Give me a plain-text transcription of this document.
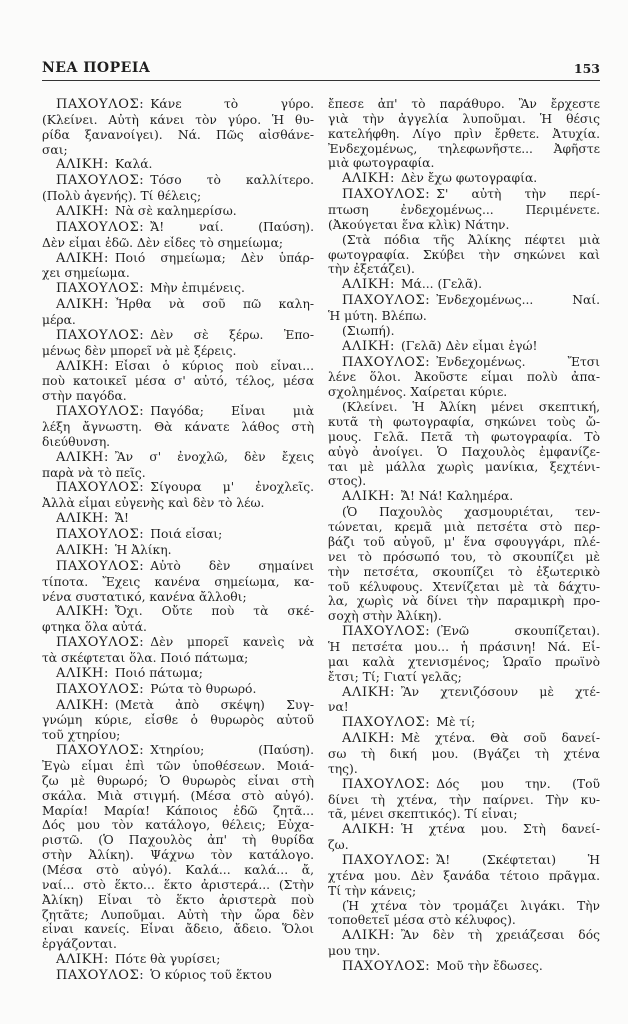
ΝΕΑ ΠΟΡΕΙΑ	153
ΠΑΧΟΥΛΟΣ: Κάνε τὸ γύρο.
(Κλείνει. Αὐτὴ κάνει τὸν γύρο. Ἡ θυ-
ρίδα ξανανοίγει). Νά. Πῶς αἰσθάνε-
σαι;
ΑΛΙΚΗ: Καλά.
ΠΑΧΟΥΛΟΣ: Τόσο τὸ καλλίτερο.
(Πολὺ ἀγενής). Τί θέλεις;
ΑΛΙΚΗ: Νὰ σὲ καλημερίσω.
ΠΑΧΟΥΛΟΣ: Ἄ! ναί. (Παύση).
Δὲν εἶμαι ἐδῶ. Δὲν εἶδες τὸ σημείωμα;
ΑΛΙΚΗ: Ποιό σημείωμα; Δὲν ὑπάρ-
χει σημείωμα.
ΠΑΧΟΥΛΟΣ: Μὴν ἐπιμένεις.
ΑΛΙΚΗ: Ἦρθα νὰ σοῦ πῶ καλη-
μέρα.
ΠΑΧΟΥΛΟΣ: Δὲν σὲ ξέρω. Ἐπο-
μένως δὲν μπορεῖ νὰ μὲ ξέρεις.
ΑΛΙΚΗ: Εἶσαι ὁ κύριος ποὺ εἶναι...
ποὺ κατοικεῖ μέσα σ' αὐτό, τέλος, μέσα
στὴν παγόδα.
ΠΑΧΟΥΛΟΣ: Παγόδα; Εἶναι μιὰ
λέξη ἄγνωστη. Θὰ κάνατε λάθος στὴ
διεύθυνση.
ΑΛΙΚΗ: Ἂν σ' ἐνοχλῶ, δὲν ἔχεις
παρὰ νὰ τὸ πεῖς.
ΠΑΧΟΥΛΟΣ: Σίγουρα μ' ἐνοχλεῖς.
Ἀλλὰ εἶμαι εὐγενὴς καὶ δὲν τὸ λέω.
ΑΛΙΚΗ: Ἄ!
ΠΑΧΟΥΛΟΣ: Ποιά εἶσαι;
ΑΛΙΚΗ: Ἡ Ἀλίκη.
ΠΑΧΟΥΛΟΣ: Αὐτὸ δὲν σημαίνει
τίποτα. Ἔχεις κανένα σημείωμα, κα-
νένα συστατικό, κανένα ἄλλοθι;
ΑΛΙΚΗ: Ὄχι. Οὔτε ποὺ τὰ σκέ-
φτηκα ὅλα αὐτά.
ΠΑΧΟΥΛΟΣ: Δὲν μπορεῖ κανεὶς νὰ
τὰ σκέφτεται ὅλα. Ποιό πάτωμα;
ΑΛΙΚΗ: Ποιό πάτωμα;
ΠΑΧΟΥΛΟΣ: Ρώτα τὸ θυρωρό.
ΑΛΙΚΗ: (Μετὰ ἀπὸ σκέψη) Συγ-
γνώμη κύριε, εἶσθε ὁ θυρωρὸς αὐτοῦ
τοῦ χτηρίου;
ΠΑΧΟΥΛΟΣ: Χτηρίου; (Παύση).
Ἐγὼ εἶμαι ἐπὶ τῶν ὑποθέσεων. Μοιά-
ζω μὲ θυρωρό; Ὁ θυρωρὸς εἶναι στὴ
σκάλα. Μιὰ στιγμή. (Μέσα στὸ αὐγό).
Μαρία! Μαρία! Κάποιος ἐδῶ ζητᾶ...
Δός μου τὸν κατάλογο, θέλεις; Εὐχα-
ριστῶ. (Ὁ Παχουλὸς ἀπ' τὴ θυρίδα
στὴν Ἀλίκη). Ψάχνω τὸν κατάλογο.
(Μέσα στὸ αὐγό). Καλά... καλά... ἄ,
ναί... στὸ ἕκτο... ἕκτο ἀριστερά... (Στὴν
Ἀλίκη) Εἶναι τὸ ἕκτο ἀριστερὰ ποὺ
ζητᾶτε; Λυποῦμαι. Αὐτὴ τὴν ὥρα δὲν
εἶναι κανείς. Εἶναι ἄδειο, ἄδειο. Ὅλοι
ἐργάζονται.
ΑΛΙΚΗ: Πότε θὰ γυρίσει;
ΠΑΧΟΥΛΟΣ: Ὁ κύριος τοῦ ἕκτου
ἔπεσε ἀπ' τὸ παράθυρο. Ἂν ἔρχεστε
γιὰ τὴν ἀγγελία λυποῦμαι. Ἡ θέσις
κατελήφθη. Λίγο πρὶν ἔρθετε. Ἀτυχία.
Ἐνδεχομένως, τηλεφωνῆστε... Ἀφῆστε
μιὰ φωτογραφία.
ΑΛΙΚΗ: Δὲν ἔχω φωτογραφία.
ΠΑΧΟΥΛΟΣ: Σ' αὐτὴ τὴν περί-
πτωση ἐνδεχομένως... Περιμένετε.
(Ἀκούγεται ἕνα κλὶκ) Νάτην.
(Στὰ πόδια τῆς Ἀλίκης πέφτει μιὰ
φωτογραφία. Σκύβει τὴν σηκώνει καὶ
τὴν ἐξετάζει).
ΑΛΙΚΗ: Μά... (Γελᾶ).
ΠΑΧΟΥΛΟΣ: Ἐνδεχομένως... Ναί.
Ἡ μύτη. Βλέπω.
(Σιωπή).
ΑΛΙΚΗ: (Γελᾶ) Δὲν εἶμαι ἐγώ!
ΠΑΧΟΥΛΟΣ: Ἐνδεχομένως. Ἔτσι
λένε ὅλοι. Ἀκοῦστε εἶμαι πολὺ ἀπα-
σχολημένος. Χαίρεται κύριε.
(Κλείνει. Ἡ Ἀλίκη μένει σκεπτική,
κυτᾶ τὴ φωτογραφία, σηκώνει τοὺς ὤ-
μους. Γελᾶ. Πετᾶ τὴ φωτογραφία. Τὸ
αὐγὸ ἀνοίγει. Ὁ Παχουλὸς ἐμφανίζε-
ται μὲ μάλλα χωρὶς μανίκια, ξεχτένι-
στος).
ΑΛΙΚΗ: Ἄ! Νά! Καλημέρα.
(Ὁ Παχουλὸς χασμουριέται, τεν-
τώνεται, κρεμᾶ μιὰ πετσέτα στὸ περ-
βάζι τοῦ αὐγοῦ, μ' ἕνα σφουγγάρι, πλέ-
νει τὸ πρόσωπό του, τὸ σκουπίζει μὲ
τὴν πετσέτα, σκουπίζει τὸ ἐξωτερικὸ
τοῦ κέλυφους. Χτενίζεται μὲ τὰ δάχτυ-
λα, χωρὶς νὰ δίνει τὴν παραμικρὴ προ-
σοχὴ στὴν Ἀλίκη).
ΠΑΧΟΥΛΟΣ: (Ἐνῶ σκουπίζεται).
Ἡ πετσέτα μου... ἡ πράσινη! Νά. Εἶ-
μαι καλὰ χτενισμένος; Ὡραῖο πρωϊνὸ
ἔτσι; Τί; Γιατί γελᾶς;
ΑΛΙΚΗ: Ἂν χτενιζόσουν μὲ χτέ-
να!
ΠΑΧΟΥΛΟΣ: Μὲ τί;
ΑΛΙΚΗ: Μὲ χτένα. Θὰ σοῦ δανεί-
σω τὴ δική μου. (Βγάζει τὴ χτένα
της).
ΠΑΧΟΥΛΟΣ: Δός μου την. (Τοῦ
δίνει τὴ χτένα, τὴν παίρνει. Τὴν κυ-
τᾶ, μένει σκεπτικός). Τί εἶναι;
ΑΛΙΚΗ: Ἡ χτένα μου. Στὴ δανεί-
ζω.
ΠΑΧΟΥΛΟΣ: Ἄ! (Σκέφτεται) Ἡ
χτένα μου. Δὲν ξανάδα τέτοιο πρᾶγμα.
Τί τὴν κάνεις;
(Ἡ χτένα τὸν τρομάζει λιγάκι. Τὴν
τοποθετεῖ μέσα στὸ κέλυφος).
ΑΛΙΚΗ: Ἂν δὲν τὴ χρειάζεσαι δός
μου την.
ΠΑΧΟΥΛΟΣ: Μοῦ τὴν ἔδωσες.
